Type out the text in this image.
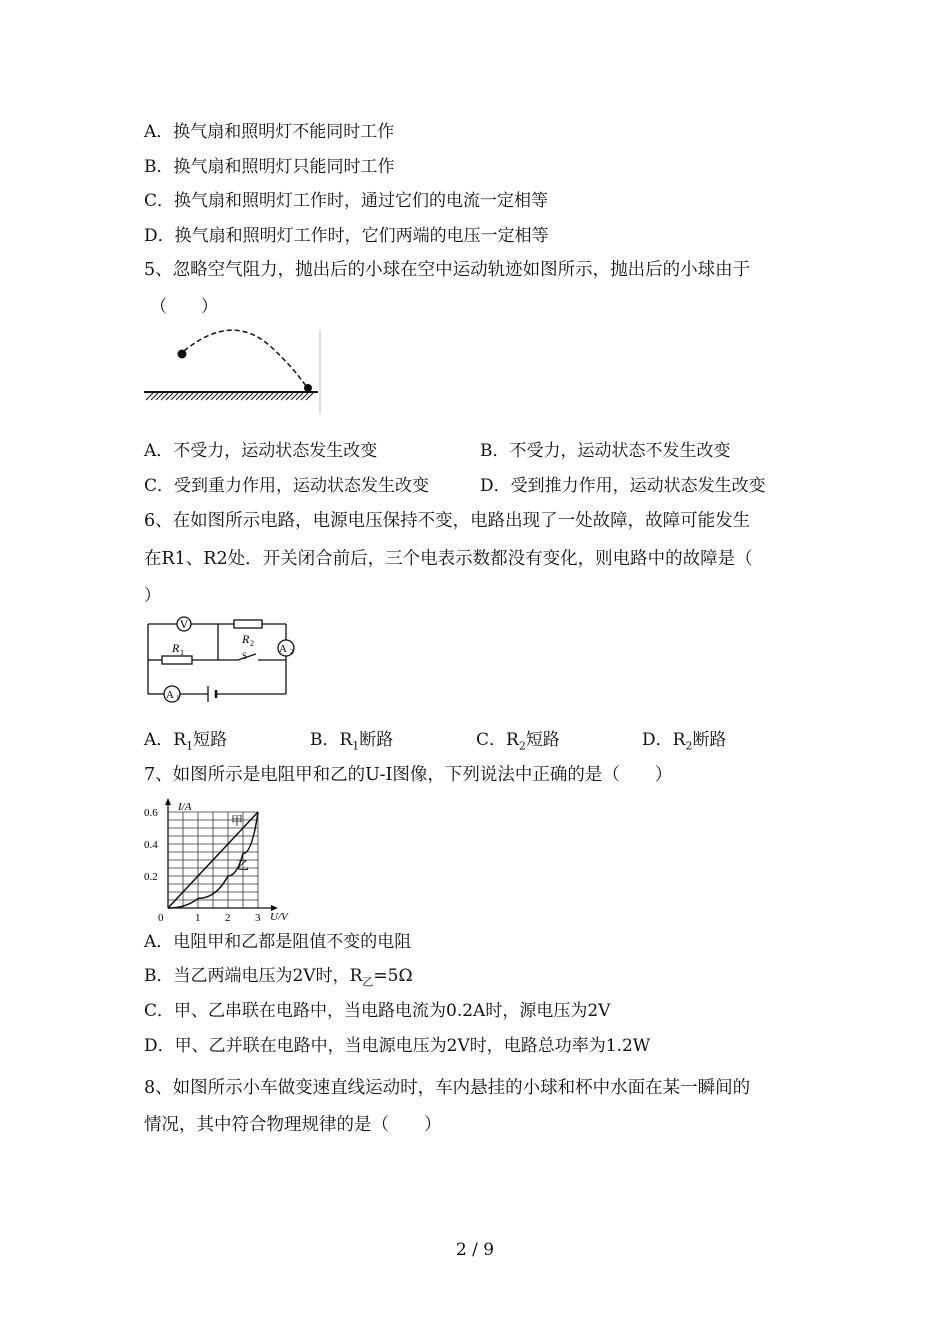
A．换气扇和照明灯不能同时工作
B．换气扇和照明灯只能同时工作
C．换气扇和照明灯工作时，通过它们的电流一定相等
D．换气扇和照明灯工作时，它们两端的电压一定相等
5、忽略空气阻力，抛出后的小球在空中运动轨迹如图所示，抛出后的小球由于
（　　）
A．不受力，运动状态发生改变	B．不受力，运动状态不发生改变
C．受到重力作用，运动状态发生改变	D．受到推力作用，运动状态发生改变
6、在如图所示电路，电源电压保持不变，电路出现了一处故障，故障可能发生
在R1、R2处．开关闭合前后，三个电表示数都没有变化，则电路中的故障是（
）
V
A 2
A 1
R 2
R 1	S
A．$R_1$短路	B．$R_1$断路	C．$R_2$短路	D．$R_2$断路
7、如图所示是电阻甲和乙的U-I图像，下列说法中正确的是（　　）
U/V
I/A
0	1 2 3
0.2
0.4
0.6
甲
乙
A．电阻甲和乙都是阻值不变的电阻
B．当乙两端电压为2V时，$R_乙=5\Omega$
C．甲、乙串联在电路中，当电路电流为0.2A时，源电压为2V
D．甲、乙并联在电路中，当电源电压为2V时，电路总功率为1.2W
8、如图所示小车做变速直线运动时，车内悬挂的小球和杯中水面在某一瞬间的
情况，其中符合物理规律的是（　　）
2 / 9
